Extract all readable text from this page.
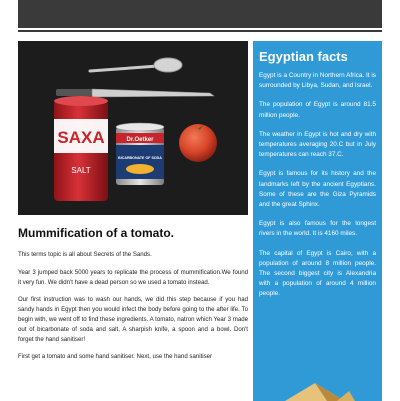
SAXA
SALT
Dr.Oetker
BICARBONATE OF SODA
Egyptian facts

Egypt is a Country in Northern Africa. It is surrounded by Libya, Sudan, and Israel.

The population of Egypt is around 81.5 million people.

The weather in Egypt is hot and dry with temperatures averaging 20.C but in July temperatures can reach 37.C.

Egypt is famous for its history and the landmarks left by the ancient Egyptians. Some of these are the Giza Pyramids and the great Sphinx.

Egypt is also famous for the longest rivers in the world. It is 4160 miles.

The capital of Egypt is Cairo, with a population of around 8 million people. The second biggest city is Alexandria with a population of around 4 million people.

Mummification of a tomato.

This terms topic is all about Secrets of the Sands.

Year 3 jumped back 5000 years to replicate the process of mummification.We found it very fun. We didn't have a dead person so we used a tomato instead.

Our first instruction was to wash our hands, we did this step because if you had sandy hands in Egypt then you would infect the body before going to the after life. To begin with, we went off to find these ingredients. A tomato, natron which Year 3 made out of bicarbonate of soda and salt, A sharpish knife, a spoon and a bowl. Don't forget the hand sanitiser!

First get a tomato and some hand sanitiser. Next, use the hand sanitiser
